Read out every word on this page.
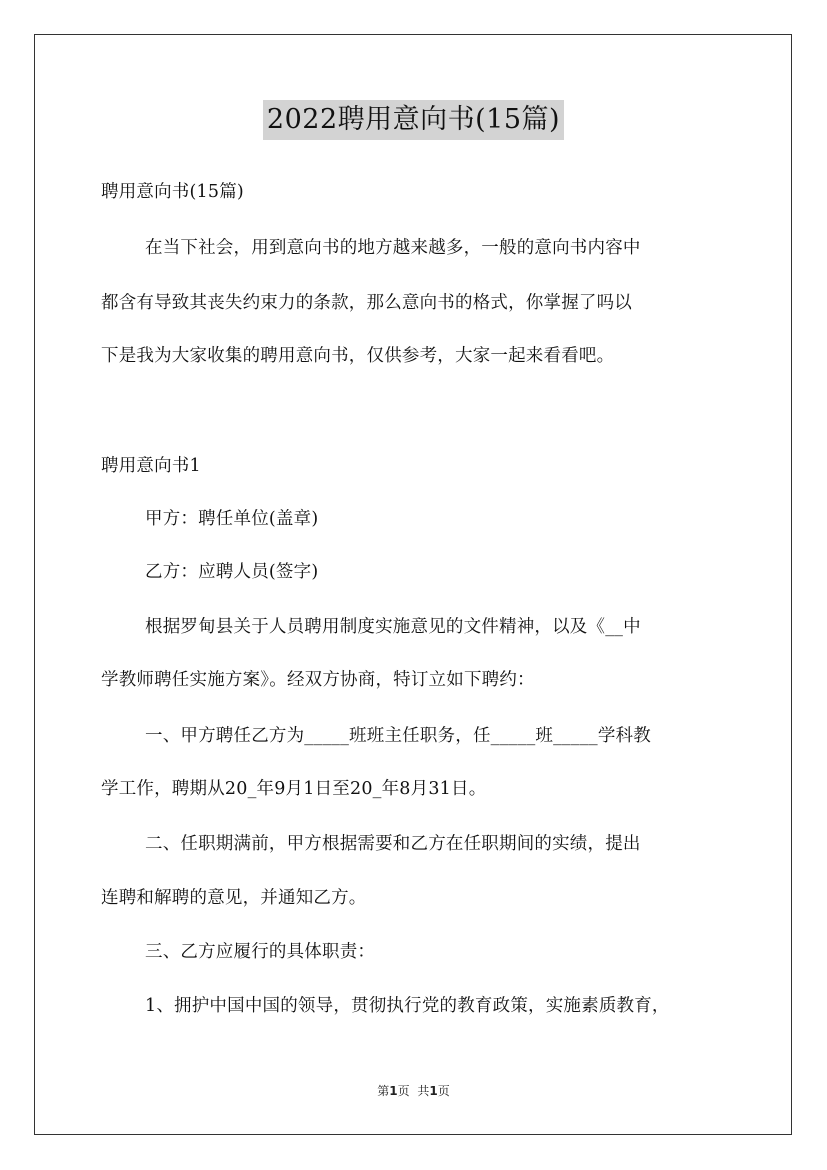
2022聘用意向书(15篇)
聘用意向书(15篇)
在当下社会，用到意向书的地方越来越多，一般的意向书内容中
都含有导致其丧失约束力的条款，那么意向书的格式，你掌握了吗以
下是我为大家收集的聘用意向书，仅供参考，大家一起来看看吧。
聘用意向书1
甲方：聘任单位(盖章)
乙方：应聘人员(签字)
根据罗甸县关于人员聘用制度实施意见的文件精神，以及《__中
学教师聘任实施方案》。经双方协商，特订立如下聘约：
一、甲方聘任乙方为_____班班主任职务，任_____班_____学科教
学工作，聘期从20_年9月1日至20_年8月31日。
二、任职期满前，甲方根据需要和乙方在任职期间的实绩，提出
连聘和解聘的意见，并通知乙方。
三、乙方应履行的具体职责：
1、拥护中国中国的领导，贯彻执行党的教育政策，实施素质教育，
第1页 共1页
